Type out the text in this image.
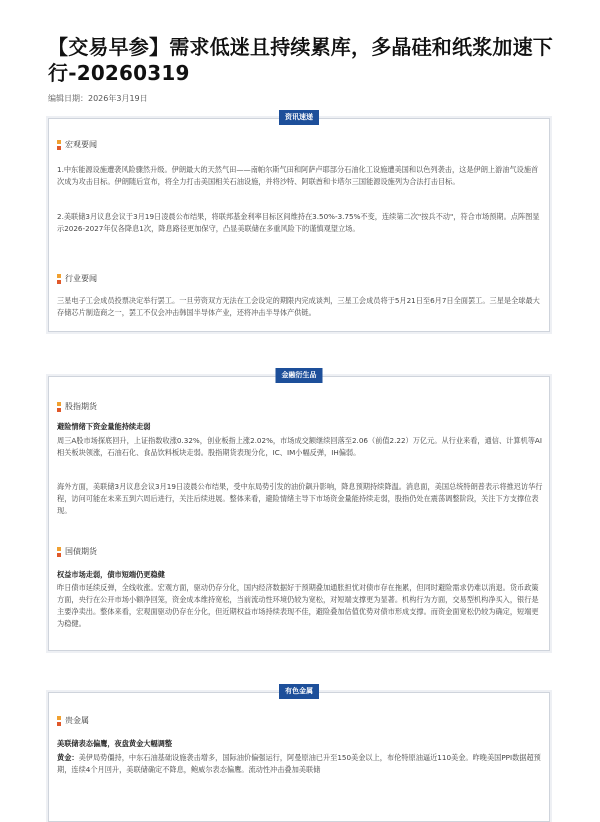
【交易早参】需求低迷且持续累库，多晶硅和纸浆加速下行-20260319
编辑日期：2026年3月19日
资讯速递
宏观要闻

1.中东能源设施遭袭风险骤然升级。伊朗最大的天然气田——南帕尔斯气田和阿萨卢耶部分石油化工设施遭美国和以色列袭击，这是伊朗上游油气设施首次成为攻击目标。伊朗随后宣布，将全力打击美国相关石油设施，并将沙特、阿联酋和卡塔尔三国能源设施列为合法打击目标。

2.美联储3月议息会议于3月19日凌晨公布结果，将联邦基金利率目标区间维持在3.50%-3.75%不变，连续第二次"按兵不动"，符合市场预期。点阵图显示2026-2027年仅各降息1次，降息路径更加保守，凸显美联储在多重风险下的谨慎观望立场。

行业要闻

三星电子工会成员投票决定举行罢工。一旦劳资双方无法在工会设定的期限内完成谈判，三星工会成员将于5月21日至6月7日全面罢工。三星是全球最大存储芯片制造商之一，罢工不仅会冲击韩国半导体产业，还将冲击半导体产供链。

金融衍生品
股指期货

避险情绪下资金量能持续走弱

周三A股市场探底回升，上证指数收涨0.32%，创业板指上涨2.02%，市场成交额继续回落至2.06（前值2.22）万亿元。从行业来看，通信、计算机等AI相关板块领涨，石油石化、食品饮料板块走弱。股指期货表现分化，IC、IM小幅反弹，IH偏弱。

海外方面，美联储3月议息会议3月19日凌晨公布结果，受中东局势引发的油价飙升影响，降息预期持续降温。消息面，美国总统特朗普表示将推迟访华行程，访问可能在未来五到六周后进行，关注后续进展。整体来看，避险情绪主导下市场资金量能持续走弱，股指仍处在震荡调整阶段，关注下方支撑位表现。

国债期货

权益市场走弱，债市短端仍更稳健

昨日债市延续反弹，全线收涨。宏观方面，驱动仍存分化，国内经济数据好于预期叠加通胀担忧对债市存在拖累，但同时避险需求仍难以消退。货币政策方面，央行在公开市场小额净回笼，资金成本维持宽松，当前流动性环境仍较为宽松，对短端支撑更为显著。机构行为方面，交易型机构净买入，银行是主要净卖出。整体来看，宏观面驱动仍存在分化，但近期权益市场持续表现不佳，避险叠加估值优势对债市形成支撑。而资金面宽松仍较为确定，短端更为稳健。

有色金属
贵金属

美联储表态偏鹰，夜盘黄金大幅调整

黄金：美伊局势僵持，中东石油基础设施袭击增多，国际油价偏强运行，阿曼原油已升至150美金以上，布伦特原油逼近110美金。昨晚美国PPI数据超预期，连续4个月回升，美联储确定不降息，鲍威尔表态偏鹰。流动性冲击叠加美联储
